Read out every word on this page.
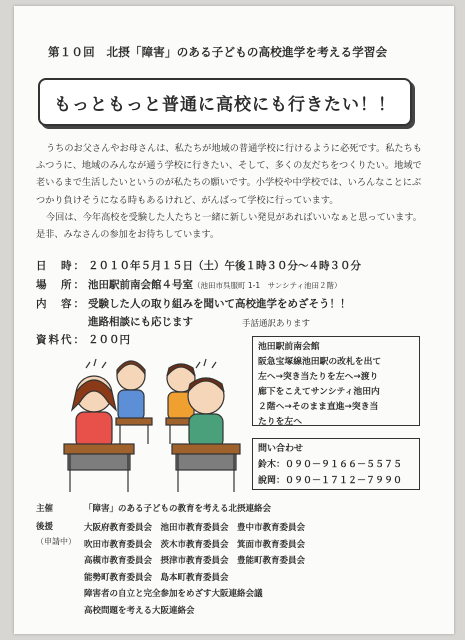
第１０回　北摂「障害」のある子どもの高校進学を考える学習会
もっともっと普通に高校にも行きたい！！

うちのお父さんやお母さんは、私たちが地域の普通学校に行けるように必死です。私たちもふつうに、地域のみんなが通う学校に行きたい、そして、多くの友だちをつくりたい。地域で老いるまで生活したいというのが私たちの願いです。小学校や中学校では、いろんなことにぶつかり負けそうになる時もあるけれど、がんばって学校に行っています。

今回は、今年高校を受験した人たちと一緒に新しい発見があればいいなぁと思っています。是非、みなさんの参加をお待ちしています。

日　時： ２０１０年５月１５日（土）午後１時３０分～４時３０分
場　所： 池田駅前南会館４号室（池田市呉服町 1-1　サンシティ池田２階）
内　容： 受験した人の取り組みを聞いて高校進学をめざそう！！
進路相談にも応じます	手話通訳あります
資料代： ２００円
池田駅前南会館
阪急宝塚線池田駅の改札を出て
左へ→突き当たりを左へ→渡り
廊下をこえてサンシティ池田内
２階へ→そのまま直進→突き当
たりを左へ
問い合わせ
鈴木：０９０－９１６６－５５７５
說岡：０９０－１７１２－７９９０
主催	「障害」のある子どもの教育を考える北摂連絡会
後援
（申請中）
大阪府教育委員会　池田市教育委員会　豊中市教育委員会
吹田市教育委員会　茨木市教育委員会　箕面市教育委員会
高槻市教育委員会　摂津市教育委員会　豊能町教育委員会
能勢町教育委員会　島本町教育委員会
障害者の自立と完全参加をめざす大阪連絡会議
高校問題を考える大阪連絡会
